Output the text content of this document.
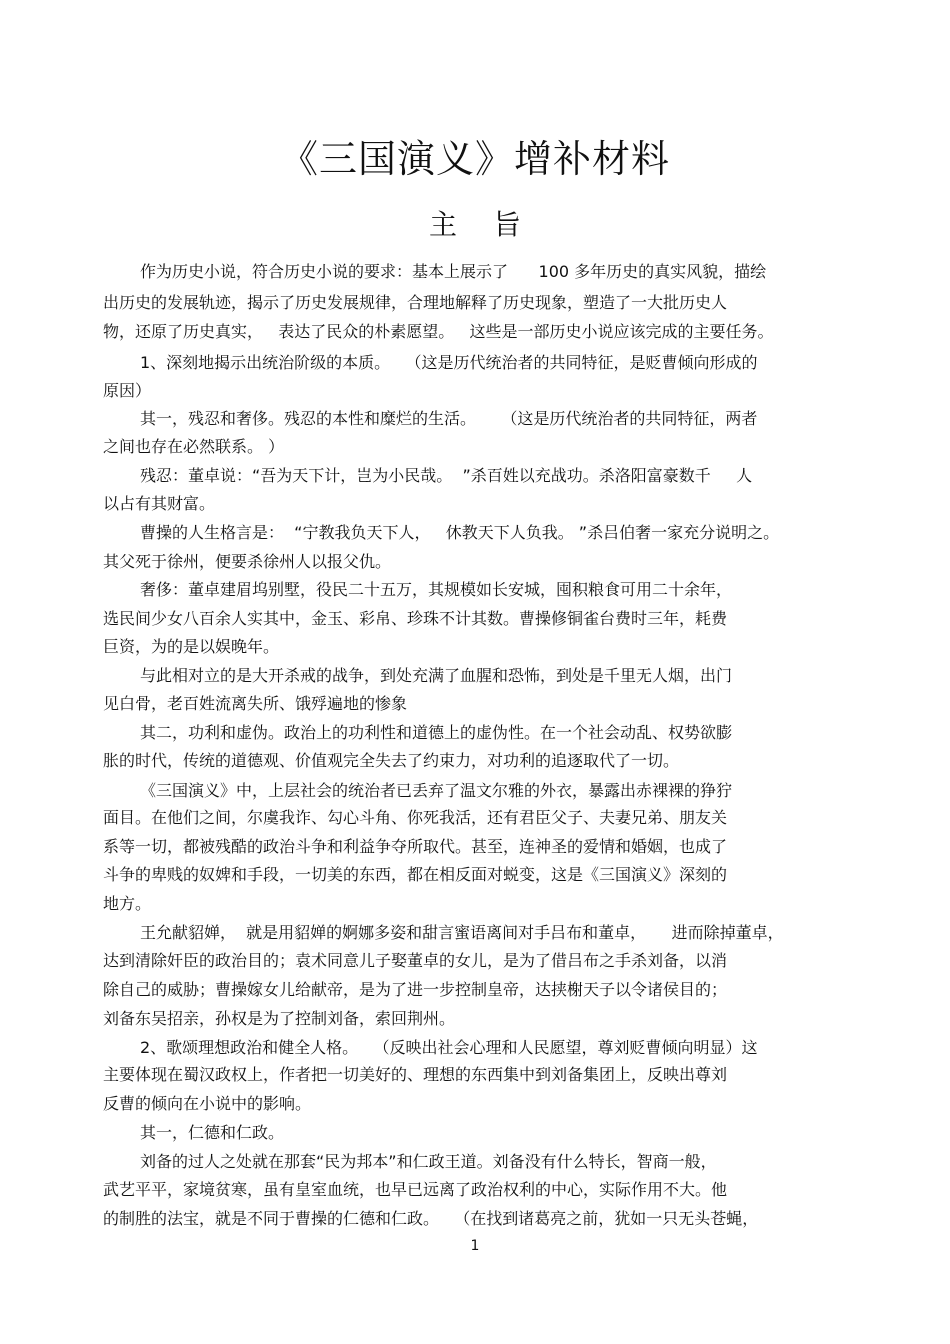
《三国演义》增补材料
主旨
作为历史小说，符合历史小说的要求：基本上展示了      100 多年历史的真实风貌，描绘
出历史的发展轨迹，揭示了历史发展规律，合理地解释了历史现象，塑造了一大批历史人
物，还原了历史真实，   表达了民众的朴素愿望。   这些是一部历史小说应该完成的主要任务。
1、深刻地揭示出统治阶级的本质。   （这是历代统治者的共同特征，是贬曹倾向形成的
原因）
其一，残忍和奢侈。残忍的本性和糜烂的生活。     （这是历代统治者的共同特征，两者
之间也存在必然联系。 ）
残忍：董卓说：“吾为天下计，岂为小民哉。  ”杀百姓以充战功。杀洛阳富豪数千     人
以占有其财富。
曹操的人生格言是：  “宁教我负天下人，   休教天下人负我。 ”杀吕伯奢一家充分说明之。
其父死于徐州，便要杀徐州人以报父仇。
奢侈：董卓建眉坞别墅，役民二十五万，其规模如长安城，囤积粮食可用二十余年，
选民间少女八百余人实其中，金玉、彩帛、珍珠不计其数。曹操修铜雀台费时三年，耗费
巨资，为的是以娱晚年。
与此相对立的是大开杀戒的战争，到处充满了血腥和恐怖，到处是千里无人烟，出门
见白骨，老百姓流离失所、饿殍遍地的惨象
其二，功利和虚伪。政治上的功利性和道德上的虚伪性。在一个社会动乱、权势欲膨
胀的时代，传统的道德观、价值观完全失去了约束力，对功利的追逐取代了一切。
《三国演义》中，上层社会的统治者已丢弃了温文尔雅的外衣，暴露出赤裸裸的狰狞
面目。在他们之间，尔虞我诈、勾心斗角、你死我活，还有君臣父子、夫妻兄弟、朋友关
系等一切，都被残酷的政治斗争和利益争夺所取代。甚至，连神圣的爱情和婚姻，也成了
斗争的卑贱的奴婢和手段，一切美的东西，都在相反面对蜕变，这是《三国演义》深刻的
地方。
王允献貂婵，  就是用貂婵的婀娜多姿和甜言蜜语离间对手吕布和董卓，     进而除掉董卓，
达到清除奸臣的政治目的；袁术同意儿子娶董卓的女儿，是为了借吕布之手杀刘备，以消
除自己的威胁；曹操嫁女儿给献帝，是为了进一步控制皇帝，达挟榭天子以令诸侯目的；
刘备东吴招亲，孙权是为了控制刘备，索回荆州。
2、歌颂理想政治和健全人格。   （反映出社会心理和人民愿望，尊刘贬曹倾向明显）这
主要体现在蜀汉政权上，作者把一切美好的、理想的东西集中到刘备集团上，反映出尊刘
反曹的倾向在小说中的影响。
其一，仁德和仁政。
刘备的过人之处就在那套“民为邦本”和仁政王道。刘备没有什么特长，智商一般，
武艺平平，家境贫寒，虽有皇室血统，也早已远离了政治权利的中心，实际作用不大。他
的制胜的法宝，就是不同于曹操的仁德和仁政。   （在找到诸葛亮之前，犹如一只无头苍蝇，
1
